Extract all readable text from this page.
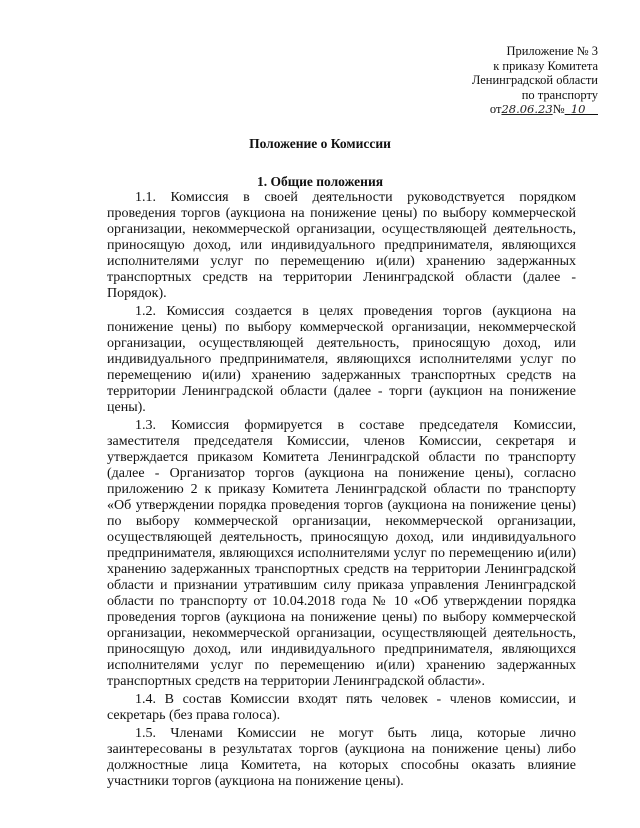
Приложение № 3
к приказу Комитета
Ленинградской области
по транспорту
от28.06.23№ 10
Положение о Комиссии
1. Общие положения

1.1. Комиссия в своей деятельности руководствуется порядком проведения торгов (аукциона на понижение цены) по выбору коммерческой организации, некоммерческой организации, осуществляющей деятельность, приносящую доход, или индивидуального предпринимателя, являющихся исполнителями услуг по перемещению и(или) хранению задержанных транспортных средств на территории Ленинградской области (далее - Порядок).

1.2. Комиссия создается в целях проведения торгов (аукциона на понижение цены) по выбору коммерческой организации, некоммерческой организации, осуществляющей деятельность, приносящую доход, или индивидуального предпринимателя, являющихся исполнителями услуг по перемещению и(или) хранению задержанных транспортных средств на территории Ленинградской области (далее - торги (аукцион на понижение цены).

1.3. Комиссия формируется в составе председателя Комиссии, заместителя председателя Комиссии, членов Комиссии, секретаря и утверждается приказом Комитета Ленинградской области по транспорту (далее - Организатор торгов (аукциона на понижение цены), согласно приложению 2 к приказу Комитета Ленинградской области по транспорту «Об утверждении порядка проведения торгов (аукциона на понижение цены) по выбору коммерческой организации, некоммерческой организации, осуществляющей деятельность, приносящую доход, или индивидуального предпринимателя, являющихся исполнителями услуг по перемещению и(или) хранению задержанных транспортных средств на территории Ленинградской области и признании утратившим силу приказа управления Ленинградской области по транспорту от 10.04.2018 года № 10 «Об утверждении порядка проведения торгов (аукциона на понижение цены) по выбору коммерческой организации, некоммерческой организации, осуществляющей деятельность, приносящую доход, или индивидуального предпринимателя, являющихся исполнителями услуг по перемещению и(или) хранению задержанных транспортных средств на территории Ленинградской области».

1.4. В состав Комиссии входят пять человек - членов комиссии, и секретарь (без права голоса).

1.5. Членами Комиссии не могут быть лица, которые лично заинтересованы в результатах торгов (аукциона на понижение цены) либо должностные лица Комитета, на которых способны оказать влияние участники торгов (аукциона на понижение цены).
